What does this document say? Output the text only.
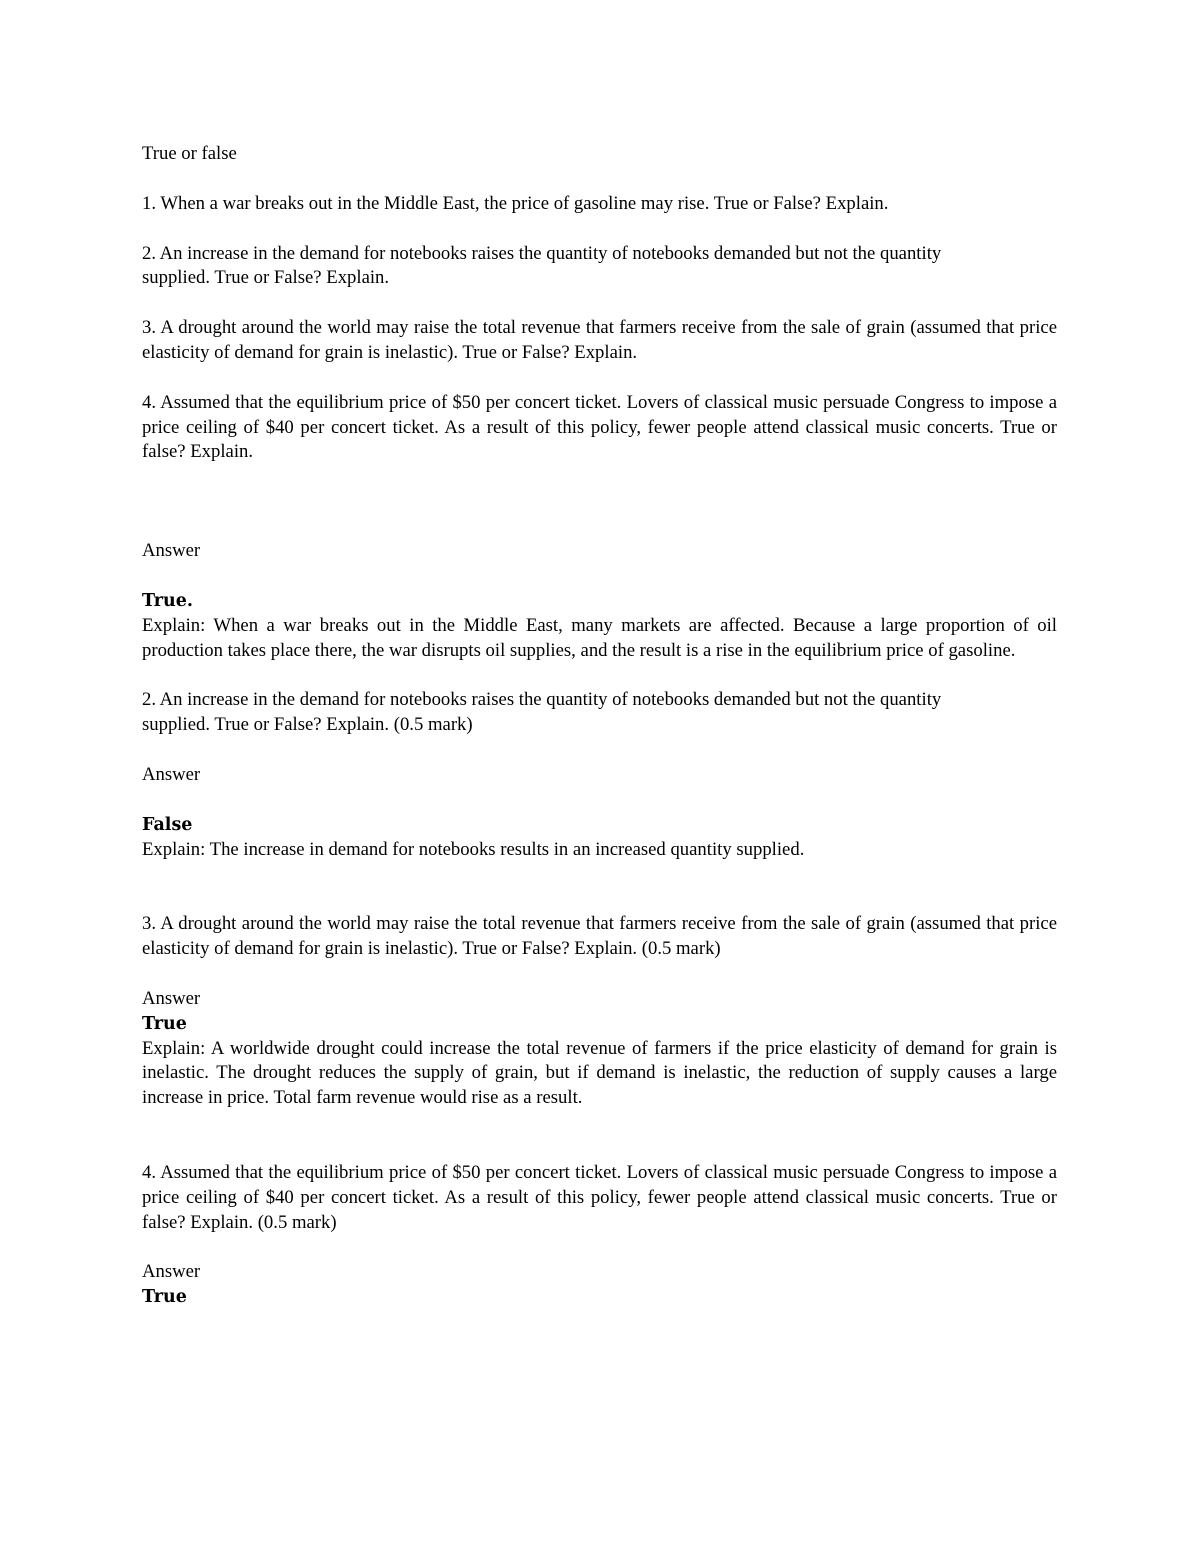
True or false

1. When a war breaks out in the Middle East, the price of gasoline may rise. True or False? Explain.

2. An increase in the demand for notebooks raises the quantity of notebooks demanded but not the quantity

supplied. True or False? Explain.

3. A drought around the world may raise the total revenue that farmers receive from the sale of grain (assumed that price elasticity of demand for grain is inelastic). True or False? Explain.

4. Assumed that the equilibrium price of $50 per concert ticket. Lovers of classical music persuade Congress to impose a price ceiling of $40 per concert ticket. As a result of this policy, fewer people attend classical music concerts. True or false? Explain.

Answer

True.

Explain: When a war breaks out in the Middle East, many markets are affected. Because a large proportion of oil production takes place there, the war disrupts oil supplies, and the result is a rise in the equilibrium price of gasoline.

2. An increase in the demand for notebooks raises the quantity of notebooks demanded but not the quantity

supplied. True or False? Explain. (0.5 mark)

Answer

False

Explain: The increase in demand for notebooks results in an increased quantity supplied.

3. A drought around the world may raise the total revenue that farmers receive from the sale of grain (assumed that price elasticity of demand for grain is inelastic). True or False? Explain. (0.5 mark)

Answer

True

Explain: A worldwide drought could increase the total revenue of farmers if the price elasticity of demand for grain is inelastic. The drought reduces the supply of grain, but if demand is inelastic, the reduction of supply causes a large increase in price. Total farm revenue would rise as a result.

4. Assumed that the equilibrium price of $50 per concert ticket. Lovers of classical music persuade Congress to impose a price ceiling of $40 per concert ticket. As a result of this policy, fewer people attend classical music concerts. True or false? Explain. (0.5 mark)

Answer

True
